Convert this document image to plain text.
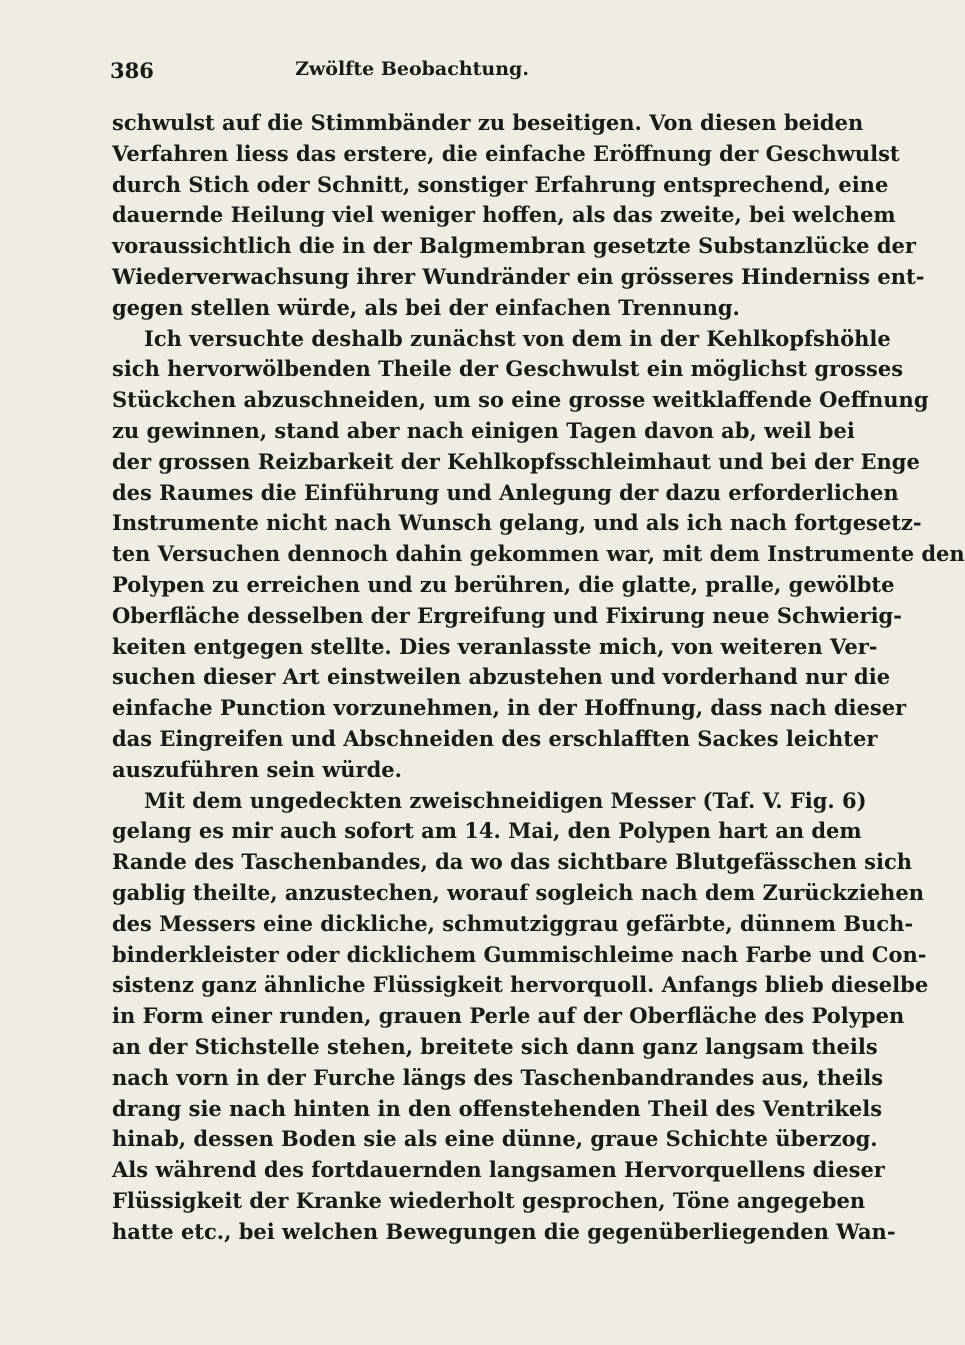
386	Zwölfte Beobachtung.
schwulst auf die Stimmbänder zu beseitigen. Von diesen beiden
Verfahren liess das erstere, die einfache Eröffnung der Geschwulst
durch Stich oder Schnitt, sonstiger Erfahrung entsprechend, eine
dauernde Heilung viel weniger hoffen, als das zweite, bei welchem
voraussichtlich die in der Balgmembran gesetzte Substanzlücke der
Wiederverwachsung ihrer Wundränder ein grösseres Hinderniss ent-
gegen stellen würde, als bei der einfachen Trennung.
Ich versuchte deshalb zunächst von dem in der Kehlkopfshöhle
sich hervorwölbenden Theile der Geschwulst ein möglichst grosses
Stückchen abzuschneiden, um so eine grosse weitklaffende Oeffnung
zu gewinnen, stand aber nach einigen Tagen davon ab, weil bei
der grossen Reizbarkeit der Kehlkopfsschleimhaut und bei der Enge
des Raumes die Einführung und Anlegung der dazu erforderlichen
Instrumente nicht nach Wunsch gelang, und als ich nach fortgesetz-
ten Versuchen dennoch dahin gekommen war, mit dem Instrumente den
Polypen zu erreichen und zu berühren, die glatte, pralle, gewölbte
Oberfläche desselben der Ergreifung und Fixirung neue Schwierig-
keiten entgegen stellte. Dies veranlasste mich, von weiteren Ver-
suchen dieser Art einstweilen abzustehen und vorderhand nur die
einfache Punction vorzunehmen, in der Hoffnung, dass nach dieser
das Eingreifen und Abschneiden des erschlafften Sackes leichter
auszuführen sein würde.
Mit dem ungedeckten zweischneidigen Messer (Taf. V. Fig. 6)
gelang es mir auch sofort am 14. Mai, den Polypen hart an dem
Rande des Taschenbandes, da wo das sichtbare Blutgefässchen sich
gablig theilte, anzustechen, worauf sogleich nach dem Zurückziehen
des Messers eine dickliche, schmutziggrau gefärbte, dünnem Buch-
binderkleister oder dicklichem Gummischleime nach Farbe und Con-
sistenz ganz ähnliche Flüssigkeit hervorquoll. Anfangs blieb dieselbe
in Form einer runden, grauen Perle auf der Oberfläche des Polypen
an der Stichstelle stehen, breitete sich dann ganz langsam theils
nach vorn in der Furche längs des Taschenbandrandes aus, theils
drang sie nach hinten in den offenstehenden Theil des Ventrikels
hinab, dessen Boden sie als eine dünne, graue Schichte überzog.
Als während des fortdauernden langsamen Hervorquellens dieser
Flüssigkeit der Kranke wiederholt gesprochen, Töne angegeben
hatte etc., bei welchen Bewegungen die gegenüberliegenden Wan-
